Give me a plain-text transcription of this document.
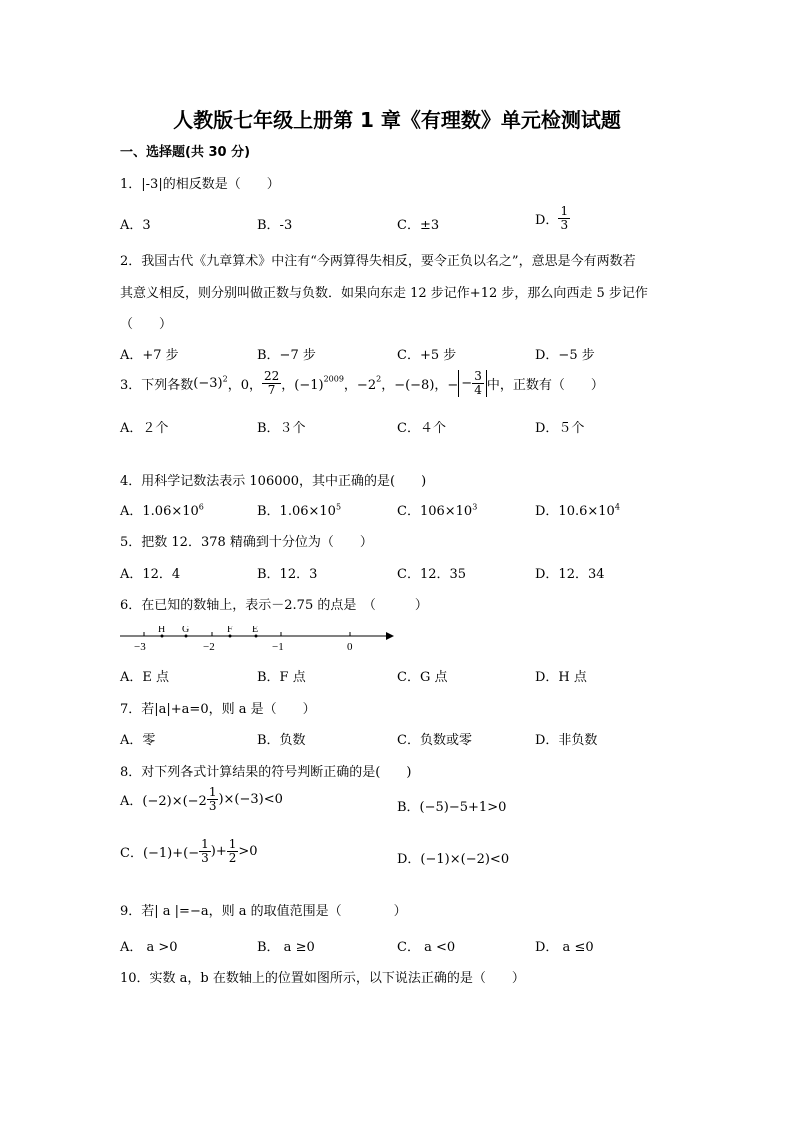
人教版七年级上册第 1 章《有理数》单元检测试题
一、选择题(共 30 分)
1．|-3|的相反数是（　　）
A．3	B．-3	C．±3	D． $\frac{1}{3}$
2．我国古代《九章算术》中注有“今两算得失相反，要令正负以名之”，意思是今有两数若
其意义相反，则分别叫做正数与负数．如果向东走 12 步记作+12 步，那么向西走 5 步记作
（　　）
A．+7 步	B．−7 步	C．+5 步	D．−5 步
3．下列各数$(-3)^2$，0， $\frac{22}{7}$ ，$(-1)^{2009}$，$-2^2$，−(−8)，− − $\frac{3}{4}$ 中，正数有（　　）
A．２个	B．３个	C．４个	D．５个
4．用科学记数法表示 106000，其中正确的是(　　)
A．$1.06\times 10^6$	B．$1.06\times 10^5$	C．$106\times 10^3$	D．$10.6\times 10^4$
5．把数 12．378 精确到十分位为（　　）
A．12．4	B．12．3	C．12．35	D．12．34
6．在已知的数轴上，表示－2.75 的点是　（　　　）
−3	−2	−1	0
H G	F E
A．E 点	B．F 点	C．G 点	D．H 点
7．若|a|+a=0，则 a 是（　　）
A．零	B．负数	C．负数或零	D．非负数
8．对下列各式计算结果的符号判断正确的是(　　)
A．$(-2)\times(-2 \frac{1}{3} )\times(-3)<0$
B．(−5)−5+1>0
C．$(-1)+(- \frac{1}{3}$ )+ $\frac{1}{2} >0$
D．(−1)×(−2)<0
9．若| a |=−a，则 a 的取值范围是（　　　　）
A． a >0	B． a ≥0	C． a <0	D． a ≤0
10．实数 a，b 在数轴上的位置如图所示，以下说法正确的是（　　）
